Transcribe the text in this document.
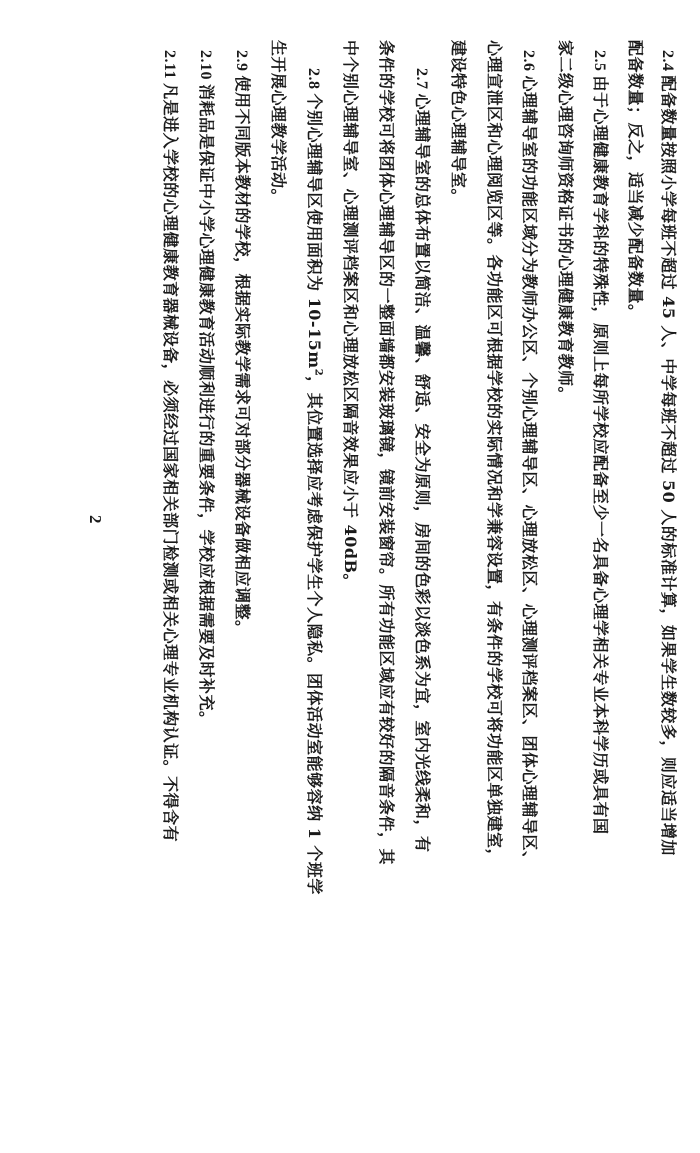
2.4配备数量按照小学每班不超过 45 人、中学每班不超过 50 人的标准计算，如果学生数较多，则应适当增加
配备数量；反之，适当减少配备数量。
2.5由于心理健康教育学科的特殊性，原则上每所学校应配备至少一名具备心理学相关专业本科学历或具有国
家二级心理咨询师资格证书的心理健康教育教师。
2.6心理辅导室的功能区域分为教师办公区、个别心理辅导区、心理放松区、心理测评档案区、团体心理辅导区、
心理宣泄区和心理阅览区等。各功能区可根据学校的实际情况和学兼容设置，有条件的学校可将功能区单独建室，
建设特色心理辅导室。
2.7心理辅导室的总体布置以简洁、温馨、舒适、安全为原则，房间的色彩以淡色系为宜，室内光线柔和，有
条件的学校可将团体心理辅导区的一整面墙都安装玻璃镜，镜前安装窗帘。所有功能区域应有较好的隔音条件，其
中个别心理辅导室、心理测评档案区和心理放松区隔音效果应小于 40dB。
2.8个别心理辅导区使用面积为 $10-15m^2$，其位置选择应考虑保护学生个人隐私。团体活动室能够容纳 1 个班学
生开展心理教学活动。
2.9使用不同版本教材的学校，根据实际教学需求可对部分器械设备做相应调整。
2.10消耗品是保证中小学心理健康教育活动顺利进行的重要条件，学校应根据需要及时补充。
2.11凡是进入学校的心理健康教育器械设备，必须经过国家相关部门检测或相关心理专业机构认证。不得含有
2
